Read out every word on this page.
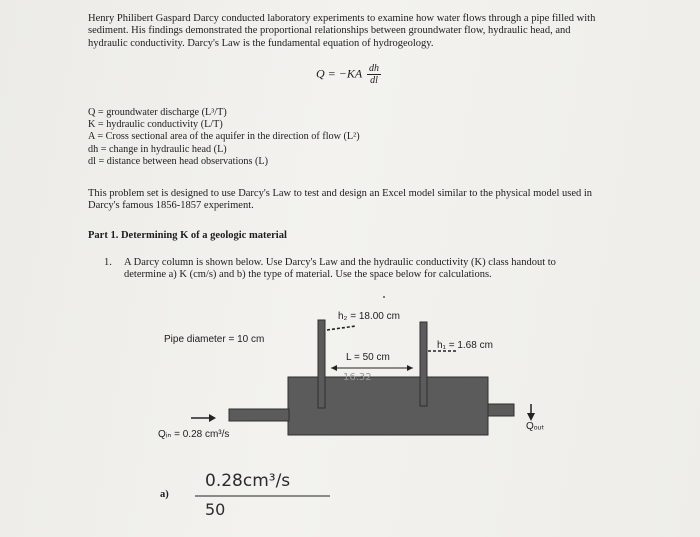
Henry Philibert Gaspard Darcy conducted laboratory experiments to examine how water flows through a pipe filled with sediment. His findings demonstrated the proportional relationships between groundwater flow, hydraulic head, and hydraulic conductivity. Darcy's Law is the fundamental equation of hydrogeology.
$Q = -KA \frac{dh}{dl}$
Q = groundwater discharge (L³/T)
K = hydraulic conductivity (L/T)
A = Cross sectional area of the aquifer in the direction of flow (L²)
dh = change in hydraulic head (L)
dl = distance between head observations (L)
This problem set is designed to use Darcy's Law to test and design an Excel model similar to the physical model used in Darcy's famous 1856-1857 experiment.
Part 1. Determining K of a geologic material
1. A Darcy column is shown below. Use Darcy's Law and the hydraulic conductivity (K) class handout to determine a) K (cm/s) and b) the type of material. Use the space below for calculations.
h₂ = 18.00 cm
h₁ = 1.68 cm
Pipe diameter = 10 cm
L = 50 cm
16.32
Qᵢₙ = 0.28 cm³/s
Qₒᵤₜ
a)
0.28cm³/s
50
